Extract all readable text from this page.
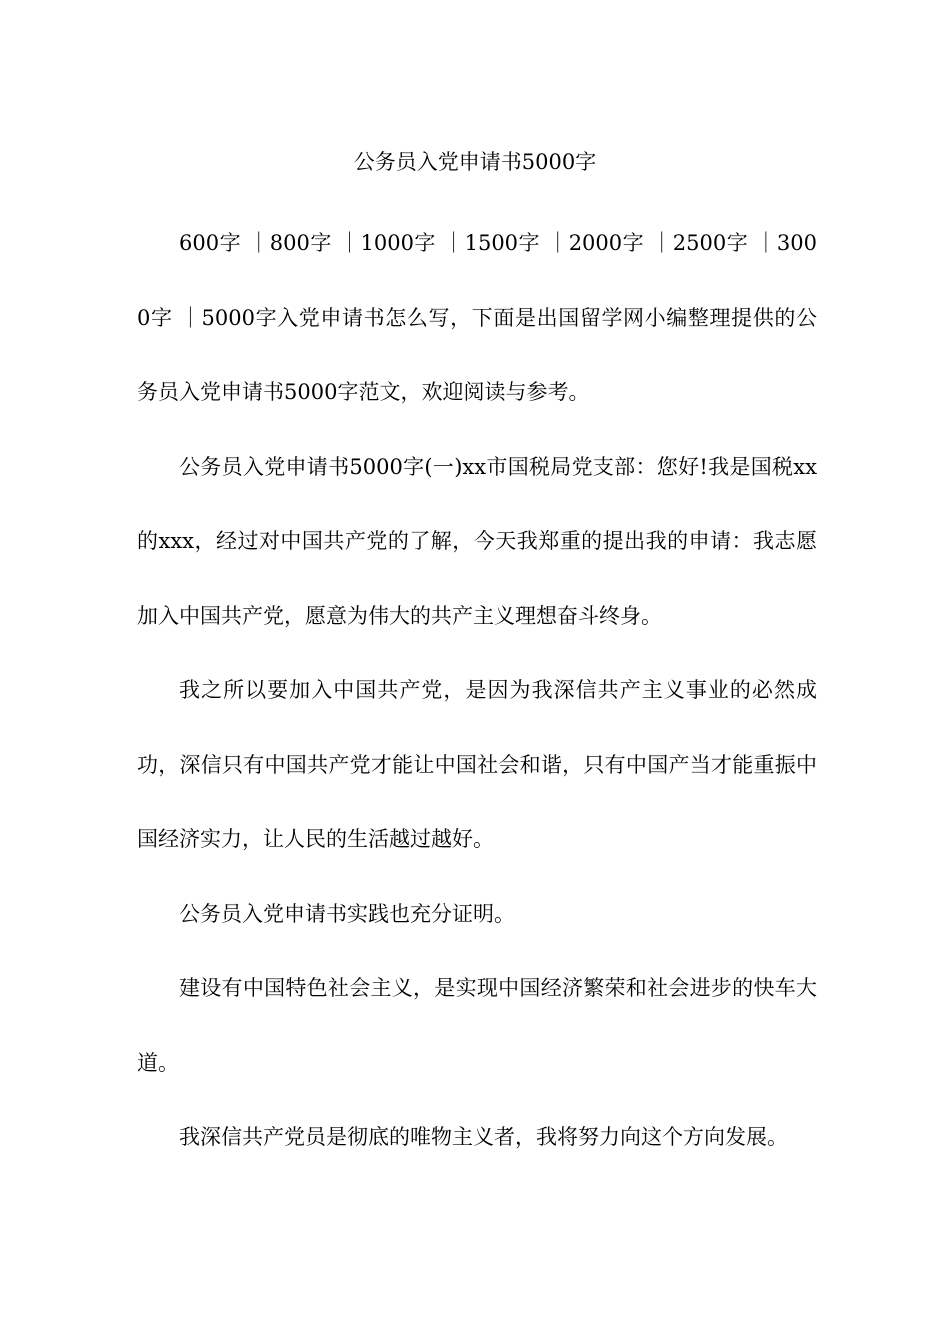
公务员入党申请书5000字

600字 ｜800字 ｜1000字 ｜1500字 ｜2000字 ｜2500字 ｜3000字 ｜5000字入党申请书怎么写，下面是出国留学网小编整理提供的公务员入党申请书5000字范文，欢迎阅读与参考。

公务员入党申请书5000字(一)xx市国税局党支部：您好!我是国税xx的xxx，经过对中国共产党的了解，今天我郑重的提出我的申请：我志愿加入中国共产党，愿意为伟大的共产主义理想奋斗终身。

我之所以要加入中国共产党，是因为我深信共产主义事业的必然成功，深信只有中国共产党才能让中国社会和谐，只有中国产当才能重振中国经济实力，让人民的生活越过越好。

公务员入党申请书实践也充分证明。

建设有中国特色社会主义，是实现中国经济繁荣和社会进步的快车大道。

我深信共产党员是彻底的唯物主义者，我将努力向这个方向发展。
